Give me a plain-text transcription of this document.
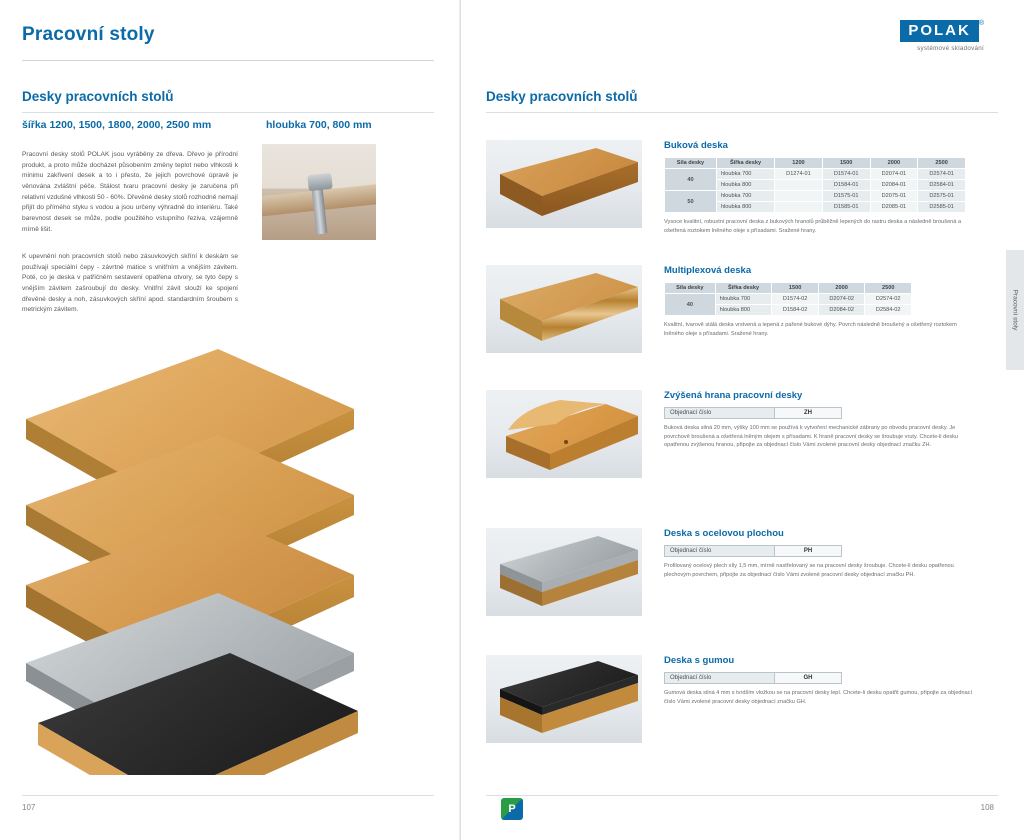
Pracovní stoly
Desky pracovních stolů
šířka 1200, 1500, 1800, 2000, 2500 mm	hloubka 700, 800 mm
Pracovní desky stolů POLAK jsou vyráběny ze dřeva. Dřevo je přírodní produkt, a proto může docházet působením změny teplot nebo vlhkosti k minimu zakřivení desek a to i přesto, že jejich povrchové úpravě je věnována zvláštní péče. Stálost tvaru pracovní desky je zaručena při relativní vzdušné vlhkosti 50 - 60%. Dřevěné desky stolů rozhodně nemají přijít do přímého styku s vodou a jsou určeny výhradně do interiéru. Také barevnost desek se může, podle použitého vstupního řeziva, vzájemně mírně lišit.
K upevnění noh pracovních stolů nebo zásuvkových skříní k deskám se používají speciální čepy - závrtné matice s vnitřním a vnějším závitem. Poté, co je deska v patřičném sestavení opatřena otvory, se tyto čepy s vnějším závitem zašroubují do desky. Vnitřní závit slouží ke spojení dřevěné desky a noh, zásuvkových skříní apod. standardním šroubem s metrickým závitem.
107
POLAK ®
systémové skladování
Desky pracovních stolů
Pracovní stoly
Buková deska
Síla desky	Šířka desky	1200	1500	2000	2500
40	hloubka 700	D1274-01	D1574-01	D2074-01	D2574-01
	hloubka 800		D1584-01	D2084-01	D2584-01
50	hloubka 700		D1575-01	D2075-01	D2575-01
	hloubka 800		D1585-01	D2085-01	D2585-01
Vysoce kvalitní, robustní pracovní deska z bukových hranolů průběžně lepených do rastru deska a následně broušená a ošetřená roztokem lněného oleje s přísadami. Sražené hrany.
Multiplexová deska
Síla desky	Šířka desky	1500	2000	2500
40	hloubka 700	D1574-02	D2074-02	D2574-02
	hloubka 800	D1584-02	D2084-02	D2584-02
Kvalitní, tvarově stálá deska vrstvená a lepená z pařené bukové dýhy. Povrch následně broušený a ošetřený roztokem lněného oleje s přísadami. Sražené hrany.
Zvýšená hrana pracovní desky
Objednací číslo	ZH
Buková deska silná 20 mm, výšky 100 mm se používá k vytvoření mechanické zábrany po obvodu pracovní desky. Je povrchově broušená a ošetřená lněným olejem s přísadami. K hraně pracovní desky se šroubuje vruty. Chcete-li desku opatřenou zvýšenou hranou, připojte za objednací číslo Vámi zvolené pracovní desky objednací značku ZH.
Deska s ocelovou plochou
Objednací číslo	PH
Profilovaný ocelový plech síly 1,5 mm, mírně nastřelovaný se na pracovní desky šroubuje. Chcete-li desku opatřenou plechovým povrchem, připojte za objednací číslo Vámi zvolené pracovní desky objednací značku PH.
Deska s gumou
Objednací číslo	GH
Gumová deska silná 4 mm s tvrdším vložkou se na pracovní desky lepí. Chcete-li desku opatřit gumou, připojte za objednací číslo Vámi zvolené pracovní desky objednací značku GH.
108
P
